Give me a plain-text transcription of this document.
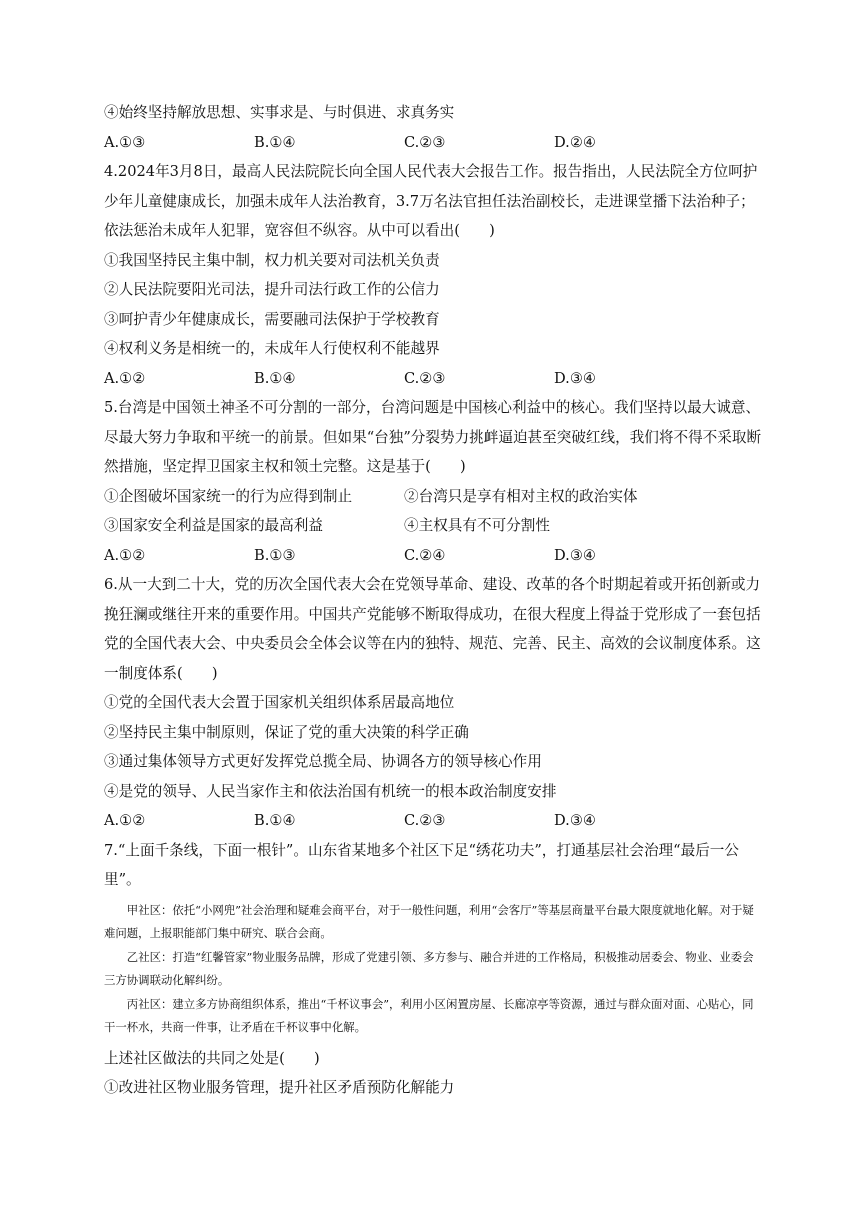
④始终坚持解放思想、实事求是、与时俱进、求真务实
A.①③	B.①④	C.②③	D.②④
4.2024年3月8日，最高人民法院院长向全国人民代表大会报告工作。报告指出，人民法院全方位呵护少年儿童健康成长，加强未成年人法治教育，3.7万名法官担任法治副校长，走进课堂播下法治种子；依法惩治未成年人犯罪，宽容但不纵容。从中可以看出(　　)
①我国坚持民主集中制，权力机关要对司法机关负责
②人民法院要阳光司法，提升司法行政工作的公信力
③呵护青少年健康成长，需要融司法保护于学校教育
④权利义务是相统一的，未成年人行使权利不能越界
A.①②	B.①④	C.②③	D.③④
5.台湾是中国领土神圣不可分割的一部分，台湾问题是中国核心利益中的核心。我们坚持以最大诚意、尽最大努力争取和平统一的前景。但如果“台独”分裂势力挑衅逼迫甚至突破红线，我们将不得不采取断然措施，坚定捍卫国家主权和领土完整。这是基于(　　)
①企图破坏国家统一的行为应得到制止	②台湾只是享有相对主权的政治实体
③国家安全利益是国家的最高利益	④主权具有不可分割性
A.①②	B.①③	C.②④	D.③④
6.从一大到二十大，党的历次全国代表大会在党领导革命、建设、改革的各个时期起着或开拓创新或力挽狂澜或继往开来的重要作用。中国共产党能够不断取得成功，在很大程度上得益于党形成了一套包括党的全国代表大会、中央委员会全体会议等在内的独特、规范、完善、民主、高效的会议制度体系。这一制度体系(　　)
①党的全国代表大会置于国家机关组织体系居最高地位
②坚持民主集中制原则，保证了党的重大决策的科学正确
③通过集体领导方式更好发挥党总揽全局、协调各方的领导核心作用
④是党的领导、人民当家作主和依法治国有机统一的根本政治制度安排
A.①②	B.①④	C.②③	D.③④
7.“上面千条线，下面一根针”。山东省某地多个社区下足“绣花功夫”，打通基层社会治理“最后一公里”。
甲社区：依托“小网兜”社会治理和疑难会商平台，对于一般性问题，利用“会客厅”等基层商量平台最大限度就地化解。对于疑难问题，上报职能部门集中研究、联合会商。
乙社区：打造“红馨管家”物业服务品牌，形成了党建引领、多方参与、融合并进的工作格局，积极推动居委会、物业、业委会三方协调联动化解纠纷。
丙社区：建立多方协商组织体系，推出“千杯议事会”，利用小区闲置房屋、长廊凉亭等资源，通过与群众面对面、心贴心，同干一杯水，共商一件事，让矛盾在千杯议事中化解。
上述社区做法的共同之处是(　　)
①改进社区物业服务管理，提升社区矛盾预防化解能力
